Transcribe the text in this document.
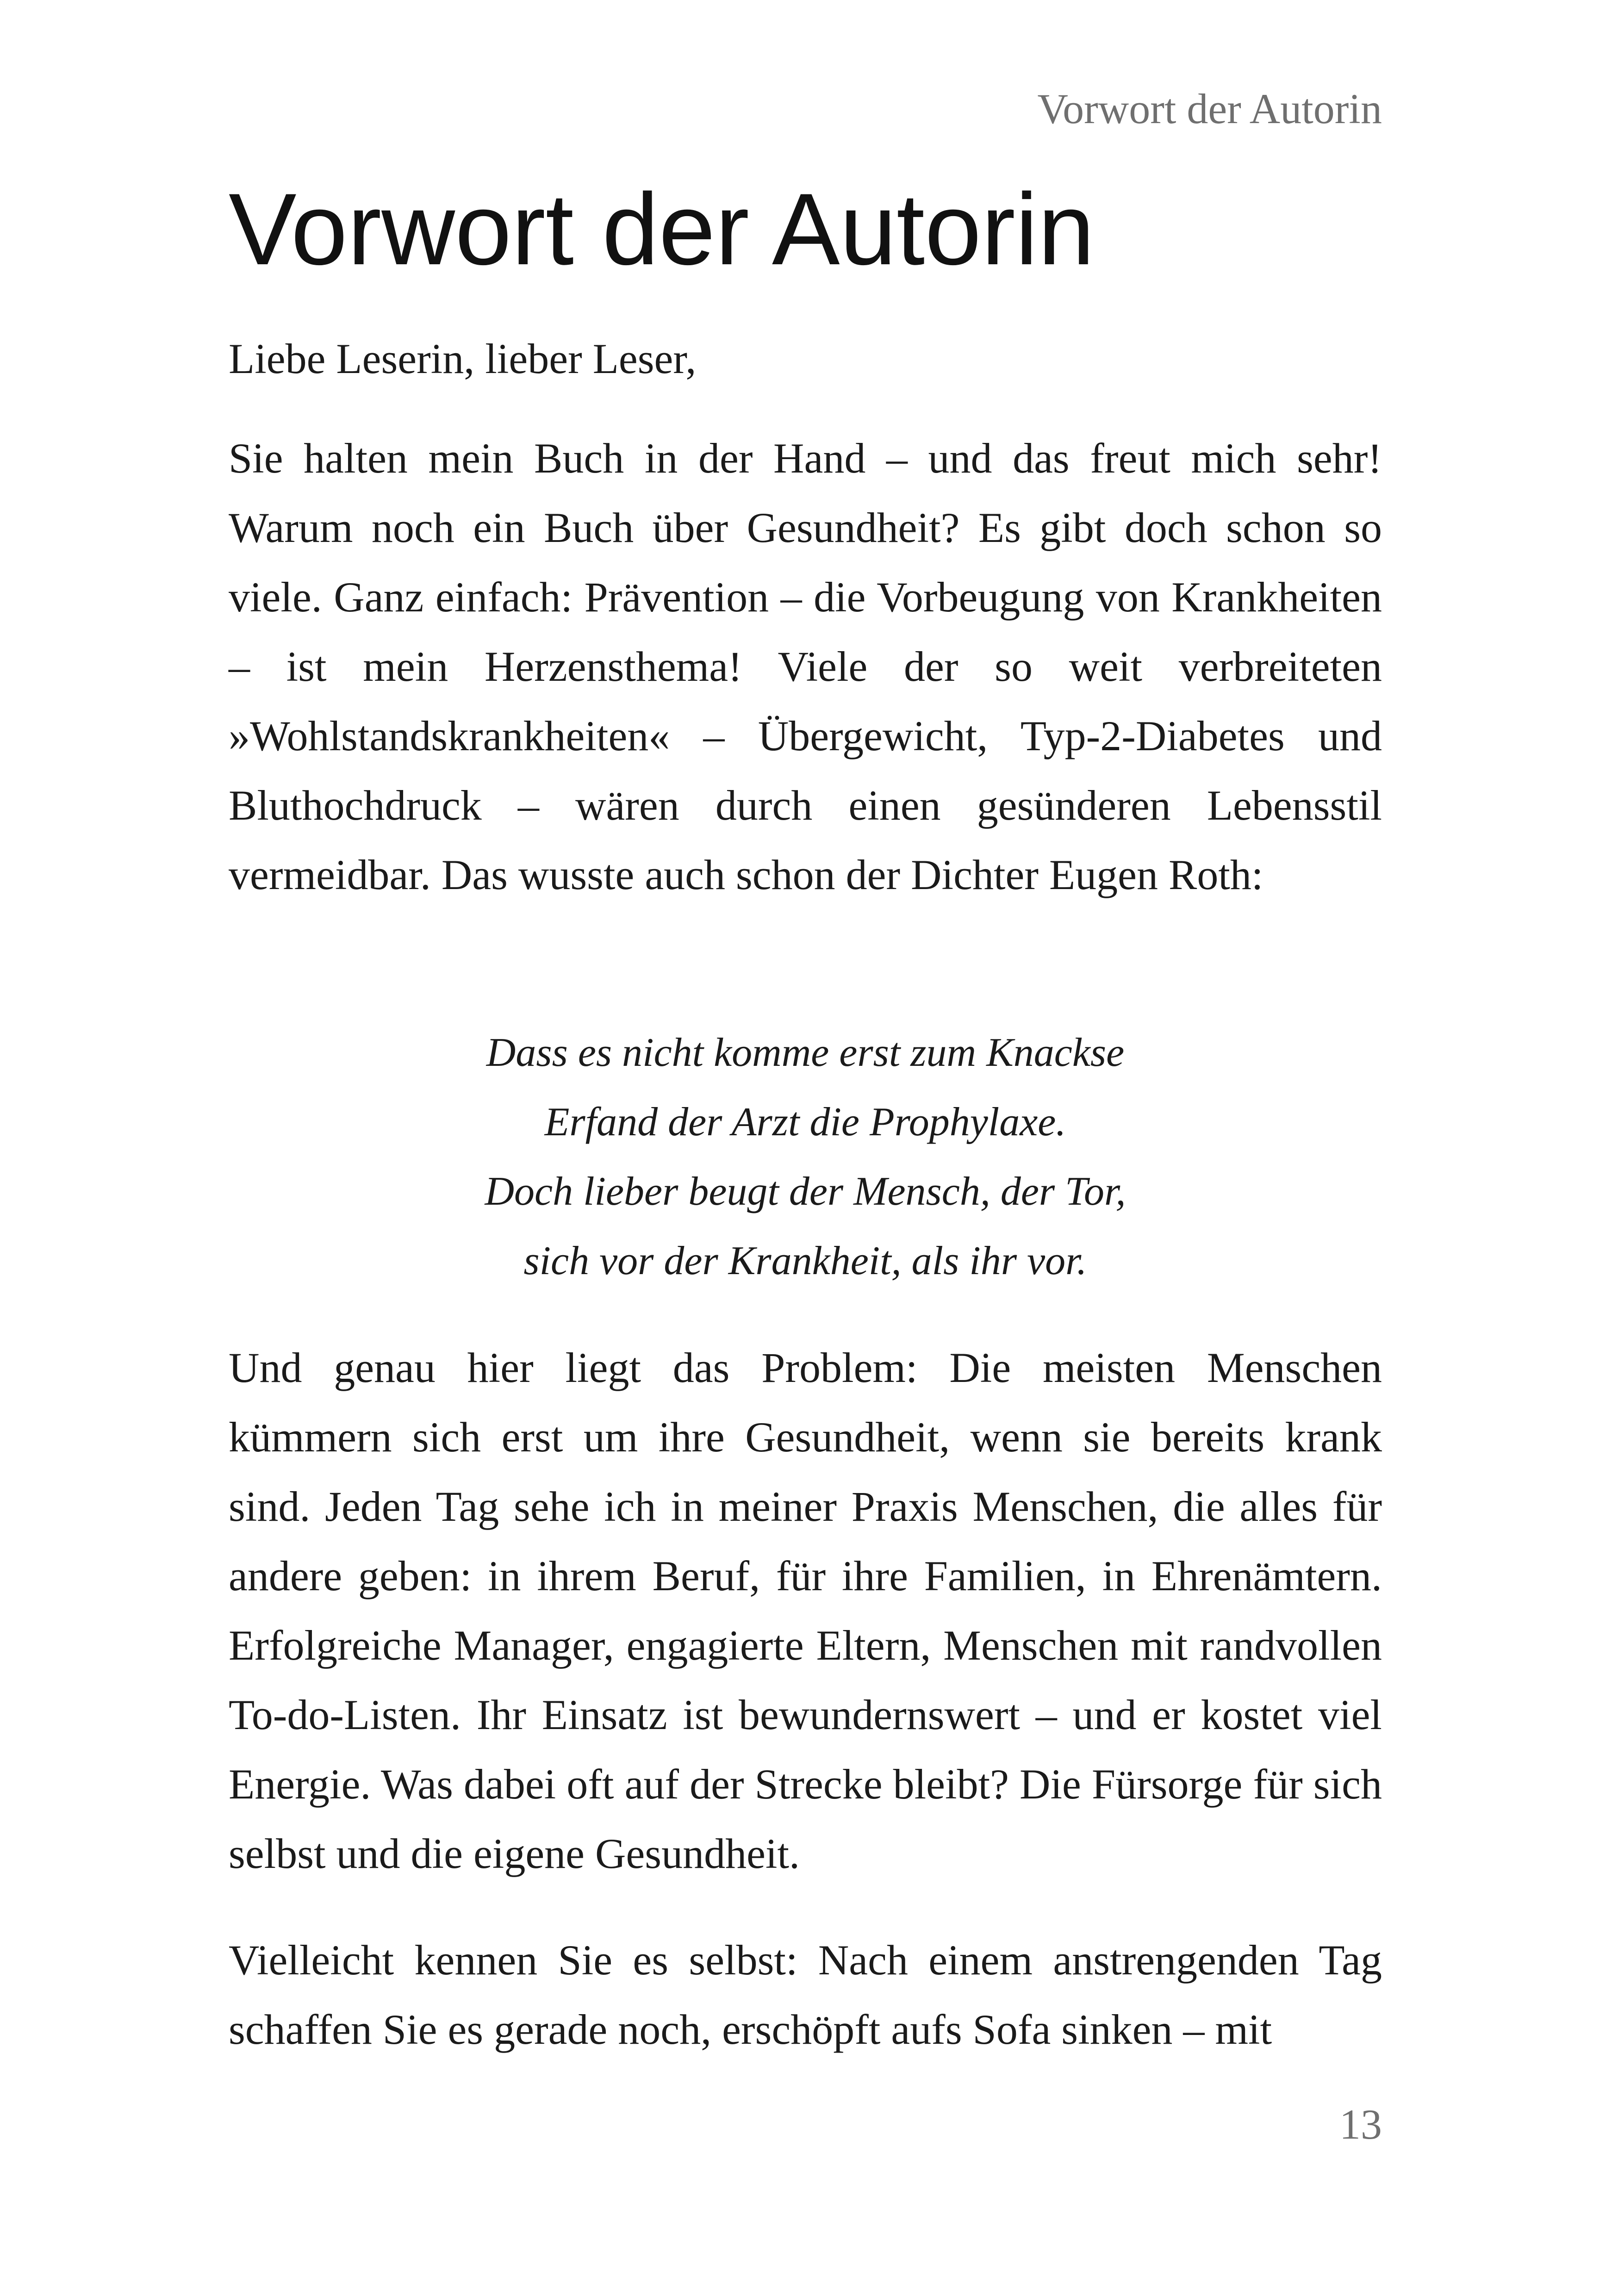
Vorwort der Autorin
Vorwort der Autorin

Liebe Leserin, lieber Leser,

Sie halten mein Buch in der Hand – und das freut mich sehr! Warum noch ein Buch über Gesundheit? Es gibt doch schon so viele. Ganz einfach: Prävention – die Vorbeugung von Krankheiten – ist mein Herzensthema! Viele der so weit verbreiteten »Wohlstandskrankheiten« – Übergewicht, Typ-2-Diabetes und Bluthochdruck – wären durch einen gesünderen Lebensstil vermeidbar. Das wusste auch schon der Dichter Eugen Roth:

Dass es nicht komme erst zum Knackse
Erfand der Arzt die Prophylaxe.
Doch lieber beugt der Mensch, der Tor,
sich vor der Krankheit, als ihr vor.

Und genau hier liegt das Problem: Die meisten Menschen kümmern sich erst um ihre Gesundheit, wenn sie bereits krank sind. Jeden Tag sehe ich in meiner Praxis Menschen, die alles für andere geben: in ihrem Beruf, für ihre Familien, in Ehrenämtern. Erfolgreiche Manager, engagierte Eltern, Menschen mit randvollen To-do-Listen. Ihr Einsatz ist bewundernswert – und er kostet viel Energie. Was dabei oft auf der Strecke bleibt? Die Fürsorge für sich selbst und die eigene Gesundheit.

Vielleicht kennen Sie es selbst: Nach einem anstrengenden Tag schaffen Sie es gerade noch, erschöpft aufs Sofa sinken – mit

13
